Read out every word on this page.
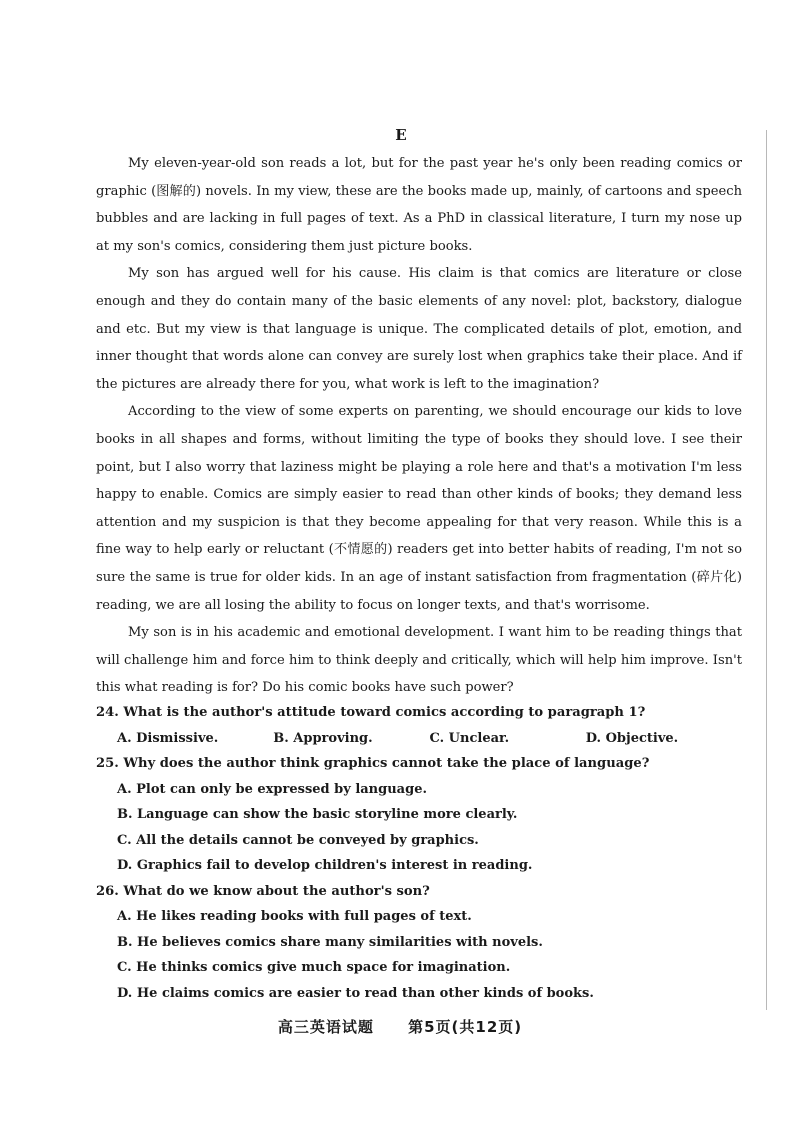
E

My eleven-year-old son reads a lot, but for the past year he's only been reading comics or graphic (图解的) novels. In my view, these are the books made up, mainly, of cartoons and speech bubbles and are lacking in full pages of text. As a PhD in classical literature, I turn my nose up at my son's comics, considering them just picture books.

My son has argued well for his cause. His claim is that comics are literature or close enough and they do contain many of the basic elements of any novel: plot, backstory, dialogue and etc. But my view is that language is unique. The complicated details of plot, emotion, and inner thought that words alone can convey are surely lost when graphics take their place. And if the pictures are already there for you, what work is left to the imagination?

According to the view of some experts on parenting, we should encourage our kids to love books in all shapes and forms, without limiting the type of books they should love. I see their point, but I also worry that laziness might be playing a role here and that's a motivation I'm less happy to enable. Comics are simply easier to read than other kinds of books; they demand less attention and my suspicion is that they become appealing for that very reason. While this is a fine way to help early or reluctant (不情愿的) readers get into better habits of reading, I'm not so sure the same is true for older kids. In an age of instant satisfaction from fragmentation (碎片化) reading, we are all losing the ability to focus on longer texts, and that's worrisome.

My son is in his academic and emotional development. I want him to be reading things that will challenge him and force him to think deeply and critically, which will help him improve. Isn't this what reading is for? Do his comic books have such power?

24. What is the author's attitude toward comics according to paragraph 1?

A. Dismissive.	B. Approving.	C. Unclear.	D. Objective.

25. Why does the author think graphics cannot take the place of language?

A. Plot can only be expressed by language.

B. Language can show the basic storyline more clearly.

C. All the details cannot be conveyed by graphics.

D. Graphics fail to develop children's interest in reading.

26. What do we know about the author's son?

A. He likes reading books with full pages of text.

B. He believes comics share many similarities with novels.

C. He thinks comics give much space for imagination.

D. He claims comics are easier to read than other kinds of books.

高三英语试题 第5页(共12页)
